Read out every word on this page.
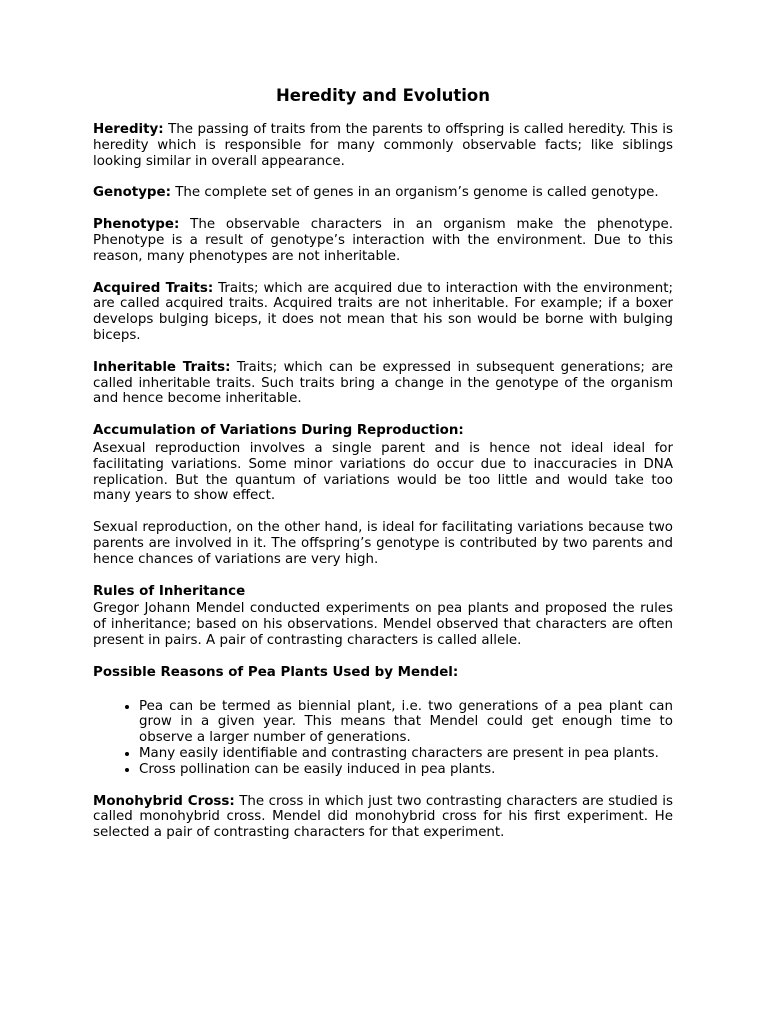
Heredity and Evolution

Heredity: The passing of traits from the parents to offspring is called heredity. This is heredity which is responsible for many commonly observable facts; like siblings looking similar in overall appearance.

Genotype: The complete set of genes in an organism’s genome is called genotype.

Phenotype: The observable characters in an organism make the phenotype. Phenotype is a result of genotype’s interaction with the environment. Due to this reason, many phenotypes are not inheritable.

Acquired Traits: Traits; which are acquired due to interaction with the environment; are called acquired traits. Acquired traits are not inheritable. For example; if a boxer develops bulging biceps, it does not mean that his son would be borne with bulging biceps.

Inheritable Traits: Traits; which can be expressed in subsequent generations; are called inheritable traits. Such traits bring a change in the genotype of the organism and hence become inheritable.

Accumulation of Variations During Reproduction:

Asexual reproduction involves a single parent and is hence not ideal ideal for facilitating variations. Some minor variations do occur due to inaccuracies in DNA replication. But the quantum of variations would be too little and would take too many years to show effect.

Sexual reproduction, on the other hand, is ideal for facilitating variations because two parents are involved in it. The offspring’s genotype is contributed by two parents and hence chances of variations are very high.

Rules of Inheritance

Gregor Johann Mendel conducted experiments on pea plants and proposed the rules of inheritance; based on his observations. Mendel observed that characters are often present in pairs. A pair of contrasting characters is called allele.

Possible Reasons of Pea Plants Used by Mendel:
• Pea can be termed as biennial plant, i.e. two generations of a pea plant can grow in a given year. This means that Mendel could get enough time to observe a larger number of generations.
• Many easily identifiable and contrasting characters are present in pea plants.
• Cross pollination can be easily induced in pea plants.

Monohybrid Cross: The cross in which just two contrasting characters are studied is called monohybrid cross. Mendel did monohybrid cross for his first experiment. He selected a pair of contrasting characters for that experiment.
